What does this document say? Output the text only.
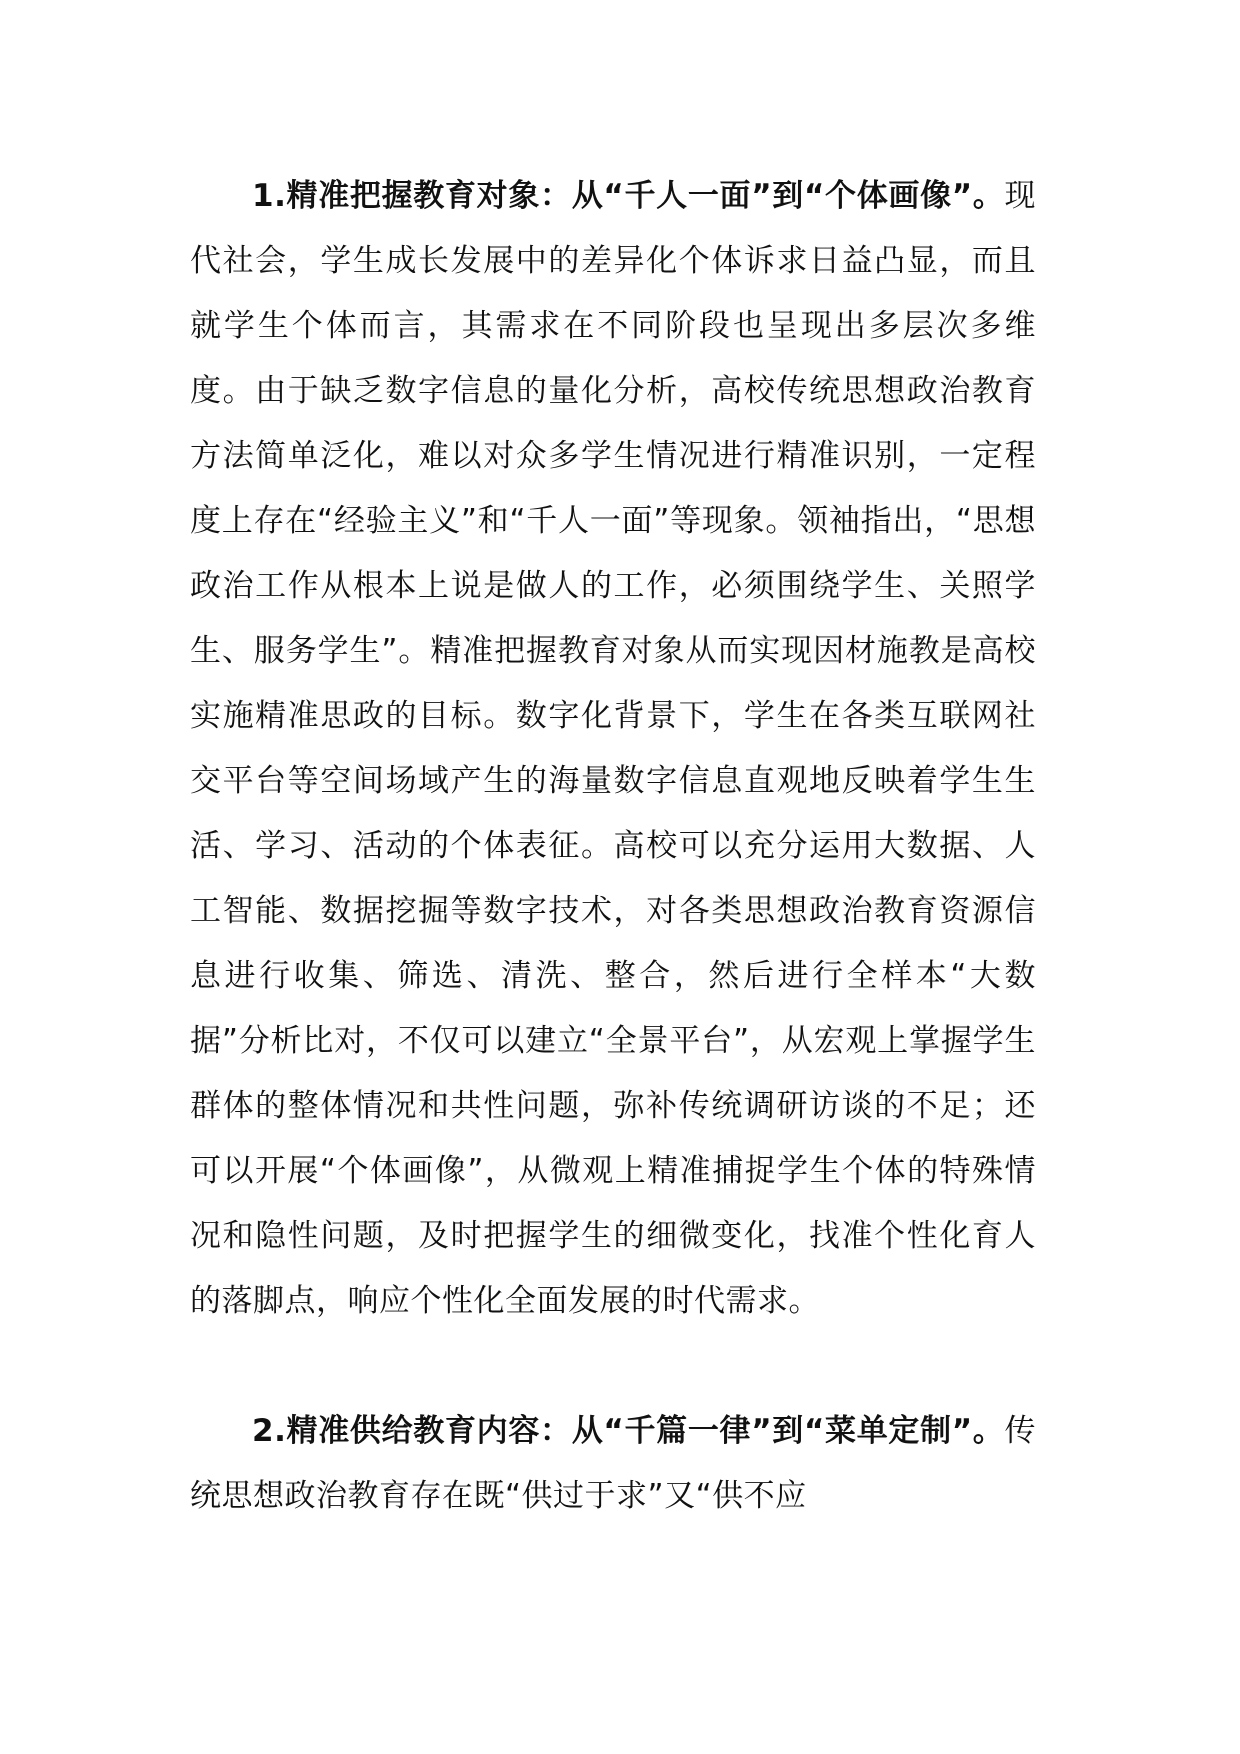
1.精准把握教育对象：从“千人一面”到“个体画像”。现代社会，学生成长发展中的差异化个体诉求日益凸显，而且就学生个体而言，其需求在不同阶段也呈现出多层次多维度。由于缺乏数字信息的量化分析，高校传统思想政治教育方法简单泛化，难以对众多学生情况进行精准识别，一定程度上存在“经验主义”和“千人一面”等现象。领袖指出，“思想政治工作从根本上说是做人的工作，必须围绕学生、关照学生、服务学生”。精准把握教育对象从而实现因材施教是高校实施精准思政的目标。数字化背景下，学生在各类互联网社交平台等空间场域产生的海量数字信息直观地反映着学生生活、学习、活动的个体表征。高校可以充分运用大数据、人工智能、数据挖掘等数字技术，对各类思想政治教育资源信息进行收集、筛选、清洗、整合，然后进行全样本“大数据”分析比对，不仅可以建立“全景平台”，从宏观上掌握学生群体的整体情况和共性问题，弥补传统调研访谈的不足；还可以开展“个体画像”，从微观上精准捕捉学生个体的特殊情况和隐性问题，及时把握学生的细微变化，找准个性化育人的落脚点，响应个性化全面发展的时代需求。

2.精准供给教育内容：从“千篇一律”到“菜单定制”。传统思想政治教育存在既“供过于求”又“供不应
